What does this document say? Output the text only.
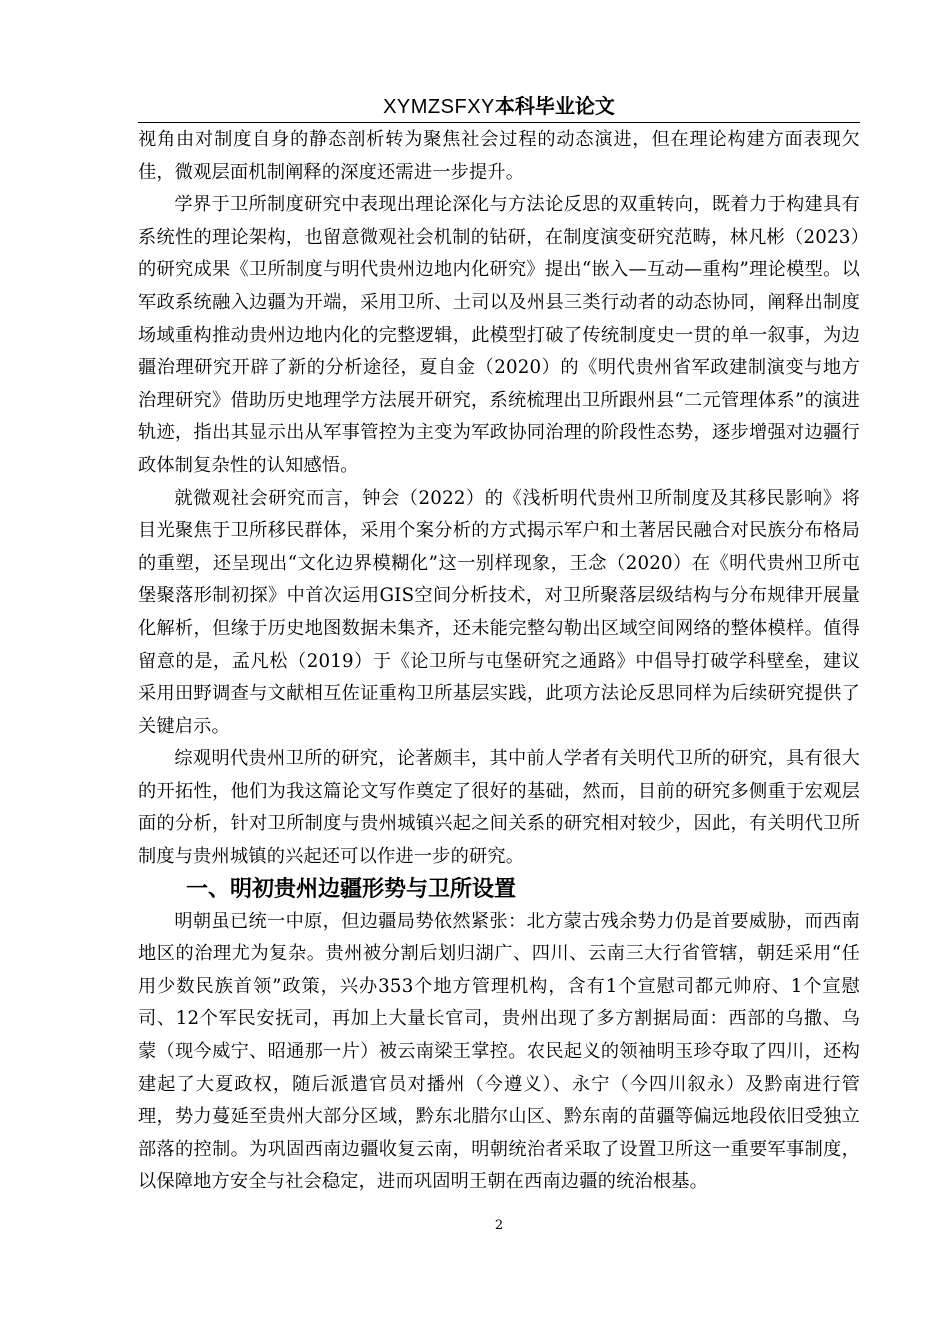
XYMZSFXY本科毕业论文

视角由对制度自身的静态剖析转为聚焦社会过程的动态演进，但在理论构建方面表现欠佳，微观层面机制阐释的深度还需进一步提升。

学界于卫所制度研究中表现出理论深化与方法论反思的双重转向，既着力于构建具有系统性的理论架构，也留意微观社会机制的钻研，在制度演变研究范畴，林凡彬（2023）的研究成果《卫所制度与明代贵州边地内化研究》提出“嵌入—互动—重构”理论模型。以军政系统融入边疆为开端，采用卫所、土司以及州县三类行动者的动态协同，阐释出制度场域重构推动贵州边地内化的完整逻辑，此模型打破了传统制度史一贯的单一叙事，为边疆治理研究开辟了新的分析途径，夏自金（2020）的《明代贵州省军政建制演变与地方治理研究》借助历史地理学方法展开研究，系统梳理出卫所跟州县“二元管理体系”的演进轨迹，指出其显示出从军事管控为主变为军政协同治理的阶段性态势，逐步增强对边疆行政体制复杂性的认知感悟。

就微观社会研究而言，钟会（2022）的《浅析明代贵州卫所制度及其移民影响》将目光聚焦于卫所移民群体，采用个案分析的方式揭示军户和土著居民融合对民族分布格局的重塑，还呈现出“文化边界模糊化”这一别样现象，王念（2020）在《明代贵州卫所屯堡聚落形制初探》中首次运用GIS空间分析技术，对卫所聚落层级结构与分布规律开展量化解析，但缘于历史地图数据未集齐，还未能完整勾勒出区域空间网络的整体模样。值得留意的是，孟凡松（2019）于《论卫所与屯堡研究之通路》中倡导打破学科壁垒，建议采用田野调查与文献相互佐证重构卫所基层实践，此项方法论反思同样为后续研究提供了关键启示。

综观明代贵州卫所的研究，论著颇丰，其中前人学者有关明代卫所的研究，具有很大的开拓性，他们为我这篇论文写作奠定了很好的基础，然而，目前的研究多侧重于宏观层面的分析，针对卫所制度与贵州城镇兴起之间关系的研究相对较少，因此，有关明代卫所制度与贵州城镇的兴起还可以作进一步的研究。

一、明初贵州边疆形势与卫所设置

明朝虽已统一中原，但边疆局势依然紧张：北方蒙古残余势力仍是首要威胁，而西南地区的治理尤为复杂。贵州被分割后划归湖广、四川、云南三大行省管辖，朝廷采用“任用少数民族首领”政策，兴办353个地方管理机构，含有1个宣慰司都元帅府、1个宣慰司、12个军民安抚司，再加上大量长官司，贵州出现了多方割据局面：西部的乌撒、乌蒙（现今威宁、昭通那一片）被云南梁王掌控。农民起义的领袖明玉珍夺取了四川，还构建起了大夏政权，随后派遣官员对播州（今遵义）、永宁（今四川叙永）及黔南进行管理，势力蔓延至贵州大部分区域，黔东北腊尔山区、黔东南的苗疆等偏远地段依旧受独立部落的控制。为巩固西南边疆收复云南，明朝统治者采取了设置卫所这一重要军事制度，以保障地方安全与社会稳定，进而巩固明王朝在西南边疆的统治根基。

2
